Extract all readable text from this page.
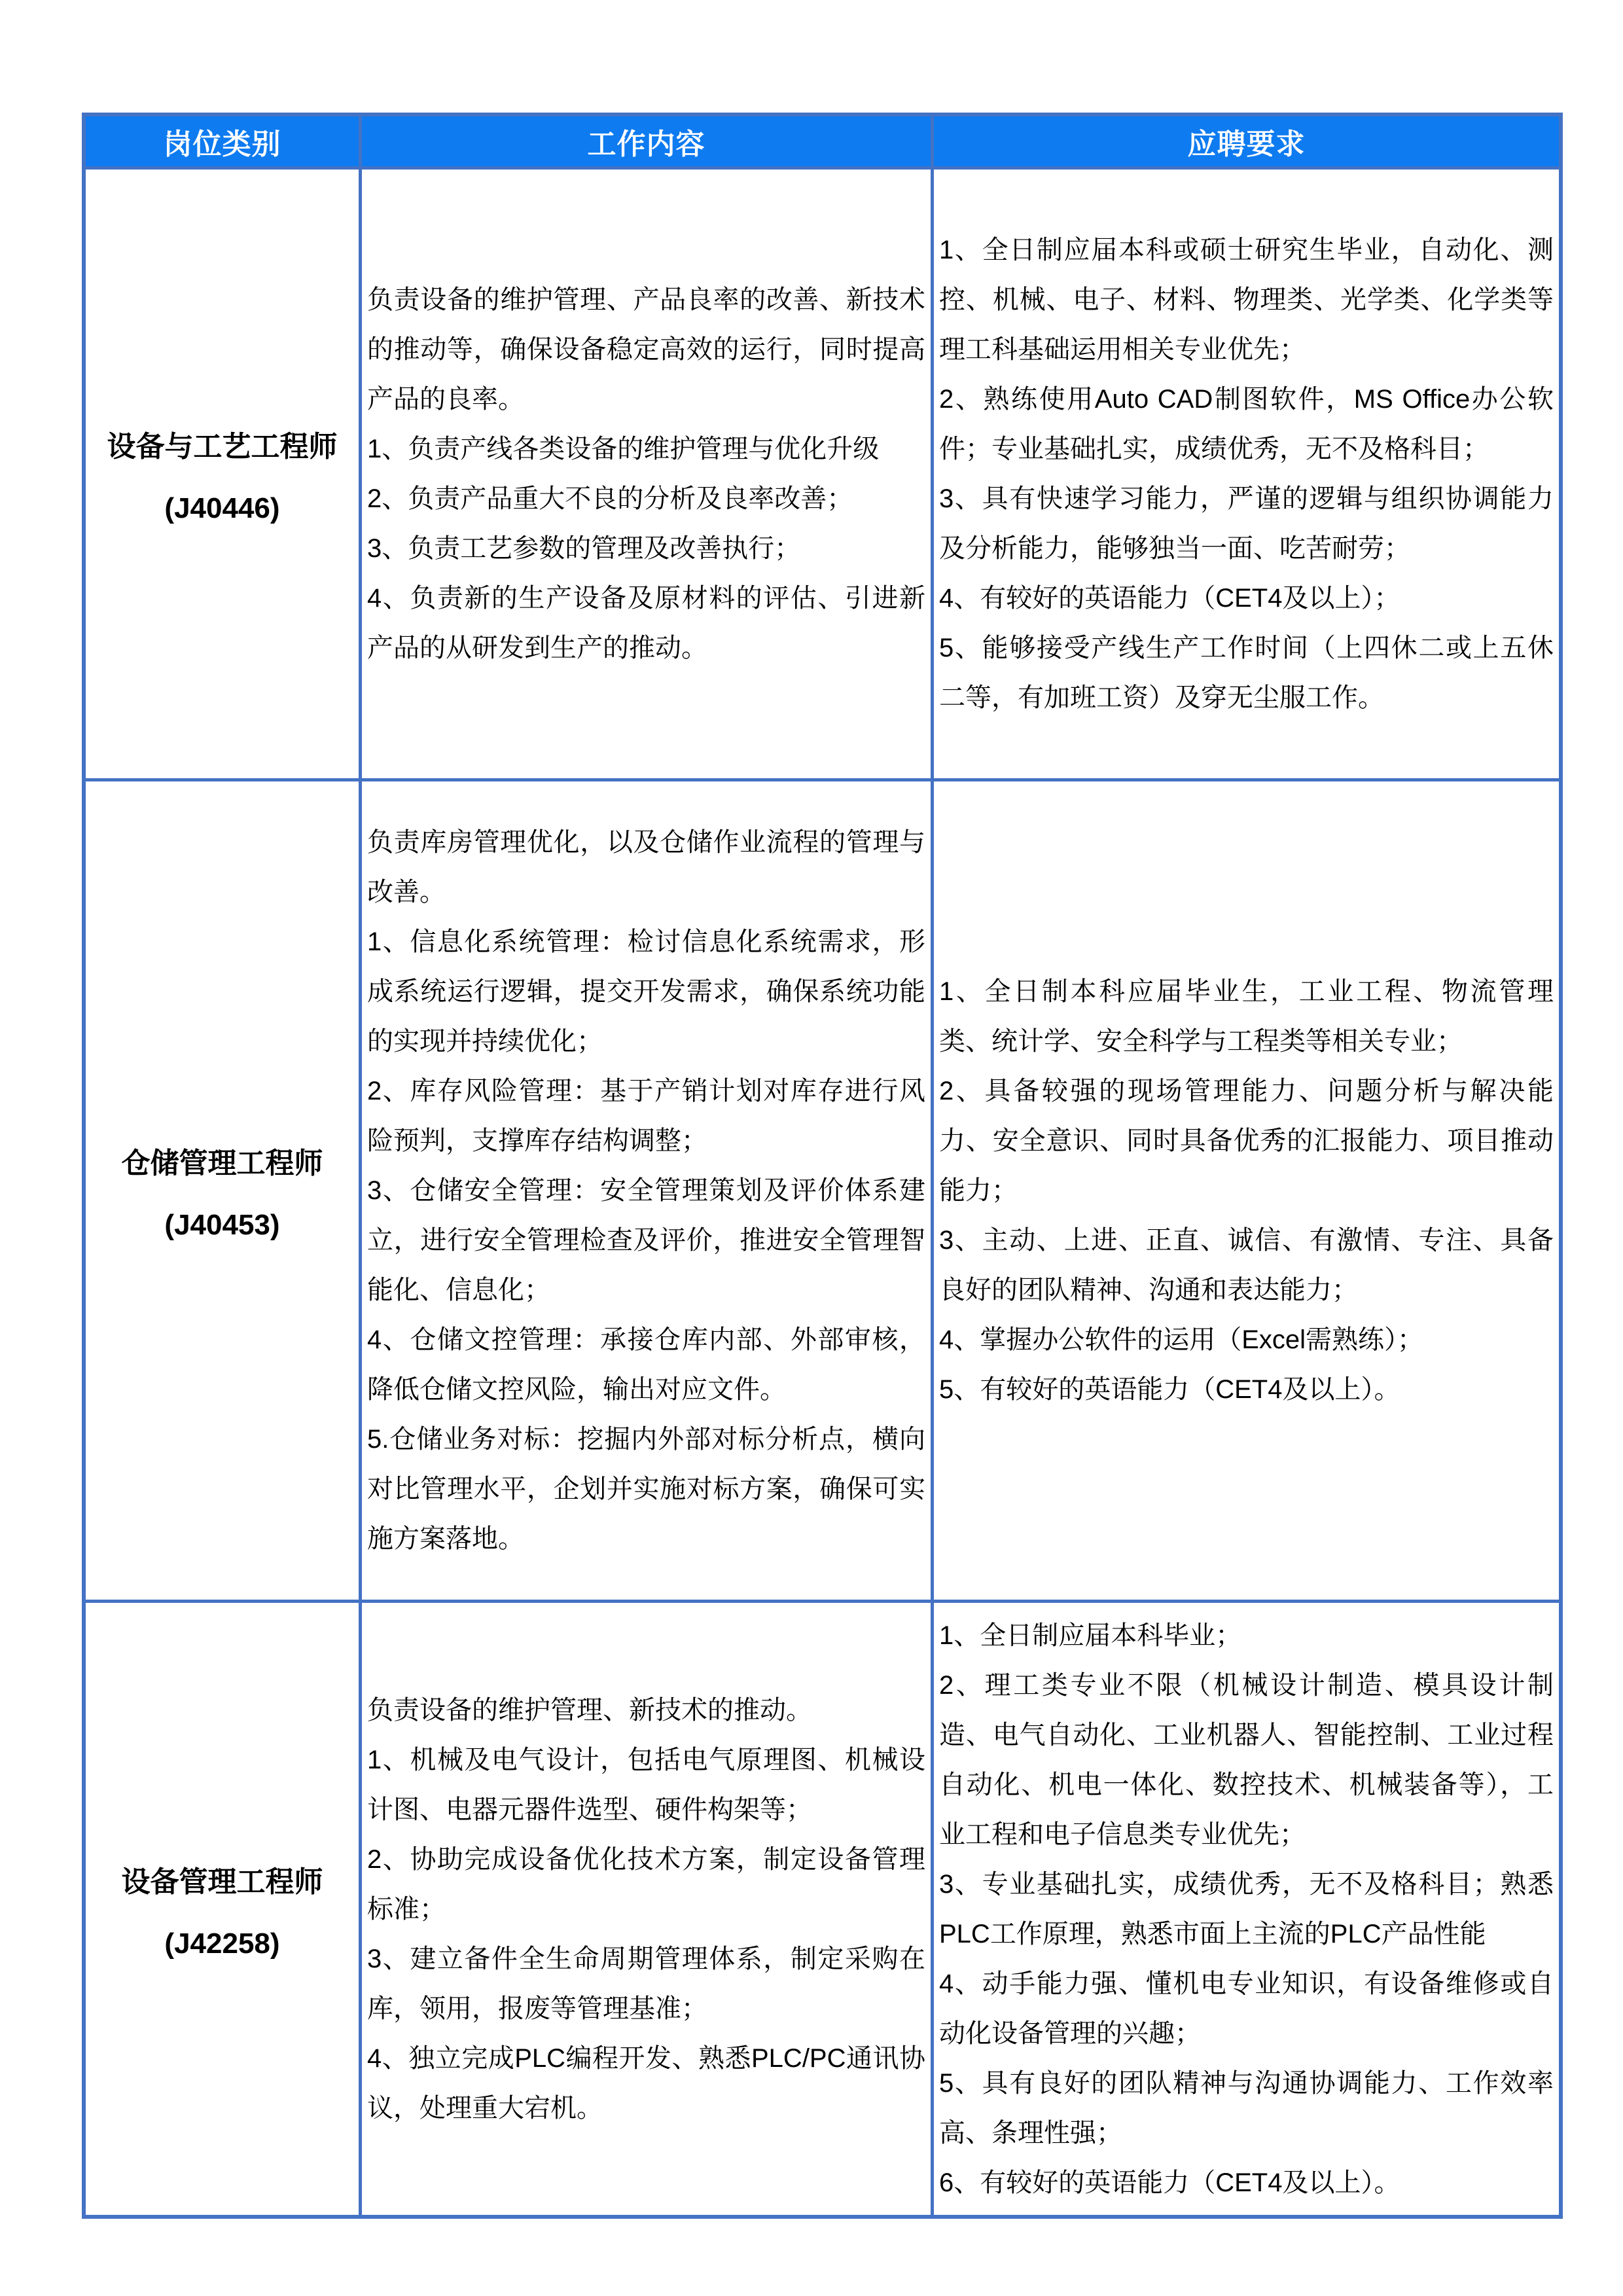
岗位类别	工作内容	应聘要求

设备与工艺工程师

(J40446)

负责设备的维护管理、产品良率的改善、新技术的推动等，确保设备稳定高效的运行，同时提高产品的良率。

1、负责产线各类设备的维护管理与优化升级

2、负责产品重大不良的分析及良率改善；

3、负责工艺参数的管理及改善执行；

4、负责新的生产设备及原材料的评估、引进新产品的从研发到生产的推动。

1、全日制应届本科或硕士研究生毕业，自动化、测控、机械、电子、材料、物理类、光学类、化学类等理工科基础运用相关专业优先；

2、熟练使用Auto CAD制图软件，MS Office办公软件；专业基础扎实，成绩优秀，无不及格科目；

3、具有快速学习能力，严谨的逻辑与组织协调能力及分析能力，能够独当一面、吃苦耐劳；

4、有较好的英语能力（CET4及以上）；

5、能够接受产线生产工作时间（上四休二或上五休二等，有加班工资）及穿无尘服工作。

仓储管理工程师

(J40453)

负责库房管理优化，以及仓储作业流程的管理与改善。

1、信息化系统管理：检讨信息化系统需求，形成系统运行逻辑，提交开发需求，确保系统功能的实现并持续优化；

2、库存风险管理：基于产销计划对库存进行风险预判，支撑库存结构调整；

3、仓储安全管理：安全管理策划及评价体系建立，进行安全管理检查及评价，推进安全管理智能化、信息化；

4、仓储文控管理：承接仓库内部、外部审核，降低仓储文控风险，输出对应文件。

5.仓储业务对标：挖掘内外部对标分析点，横向对比管理水平，企划并实施对标方案，确保可实施方案落地。

1、全日制本科应届毕业生，工业工程、物流管理类、统计学、安全科学与工程类等相关专业；

2、具备较强的现场管理能力、问题分析与解决能力、安全意识、同时具备优秀的汇报能力、项目推动能力；

3、主动、上进、正直、诚信、有激情、专注、具备良好的团队精神、沟通和表达能力；

4、掌握办公软件的运用（Excel需熟练）；

5、有较好的英语能力（CET4及以上）。

设备管理工程师

(J42258)

负责设备的维护管理、新技术的推动。

1、机械及电气设计，包括电气原理图、机械设计图、电器元器件选型、硬件构架等；

2、协助完成设备优化技术方案，制定设备管理标准；

3、建立备件全生命周期管理体系，制定采购在库，领用，报废等管理基准；

4、独立完成PLC编程开发、熟悉PLC/PC通讯协议，处理重大宕机。

1、全日制应届本科毕业；

2、理工类专业不限（机械设计制造、模具设计制造、电气自动化、工业机器人、智能控制、工业过程自动化、机电一体化、数控技术、机械装备等），工业工程和电子信息类专业优先；

3、专业基础扎实，成绩优秀，无不及格科目；熟悉PLC工作原理，熟悉市面上主流的PLC产品性能

4、动手能力强、懂机电专业知识，有设备维修或自动化设备管理的兴趣；

5、具有良好的团队精神与沟通协调能力、工作效率高、条理性强；

6、有较好的英语能力（CET4及以上）。
